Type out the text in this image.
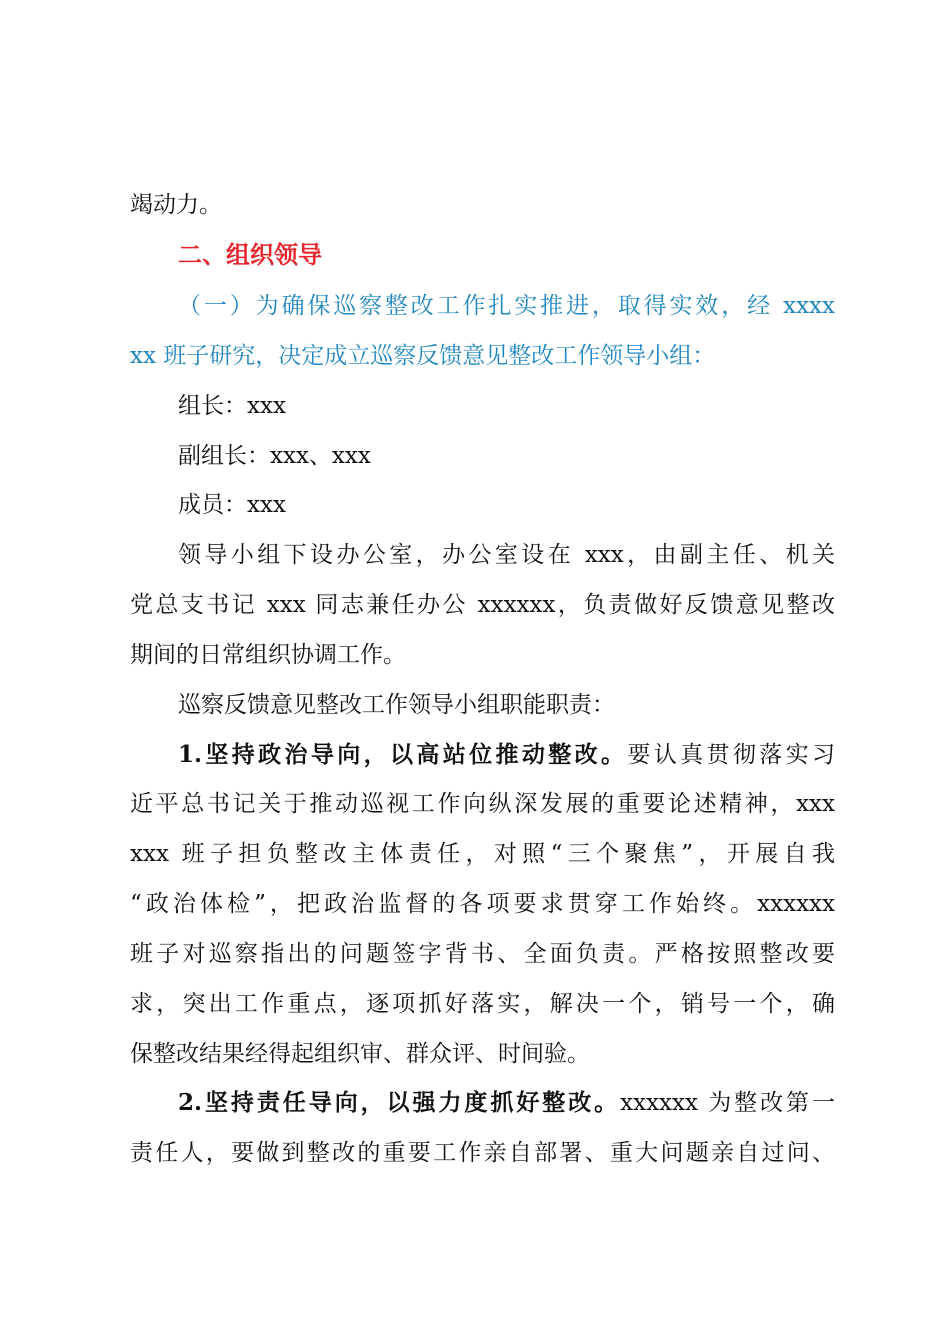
竭动力。
二、组织领导
（一）为确保巡察整改工作扎实推进，取得实效，经 xxxx
xx 班子研究，决定成立巡察反馈意见整改工作领导小组：
组长：xxx
副组长：xxx、xxx
成员：xxx
领导小组下设办公室，办公室设在 xxx，由副主任、机关
党总支书记 xxx 同志兼任办公 xxxxxx，负责做好反馈意见整改
期间的日常组织协调工作。
巡察反馈意见整改工作领导小组职能职责：
1.坚持政治导向，以高站位推动整改。要认真贯彻落实习
近平总书记关于推动巡视工作向纵深发展的重要论述精神，xxx
xxx 班子担负整改主体责任，对照“三个聚焦”，开展自我
“政治体检”，把政治监督的各项要求贯穿工作始终。xxxxxx
班子对巡察指出的问题签字背书、全面负责。严格按照整改要
求，突出工作重点，逐项抓好落实，解决一个，销号一个，确
保整改结果经得起组织审、群众评、时间验。
2.坚持责任导向，以强力度抓好整改。xxxxxx 为整改第一
责任人，要做到整改的重要工作亲自部署、重大问题亲自过问、
